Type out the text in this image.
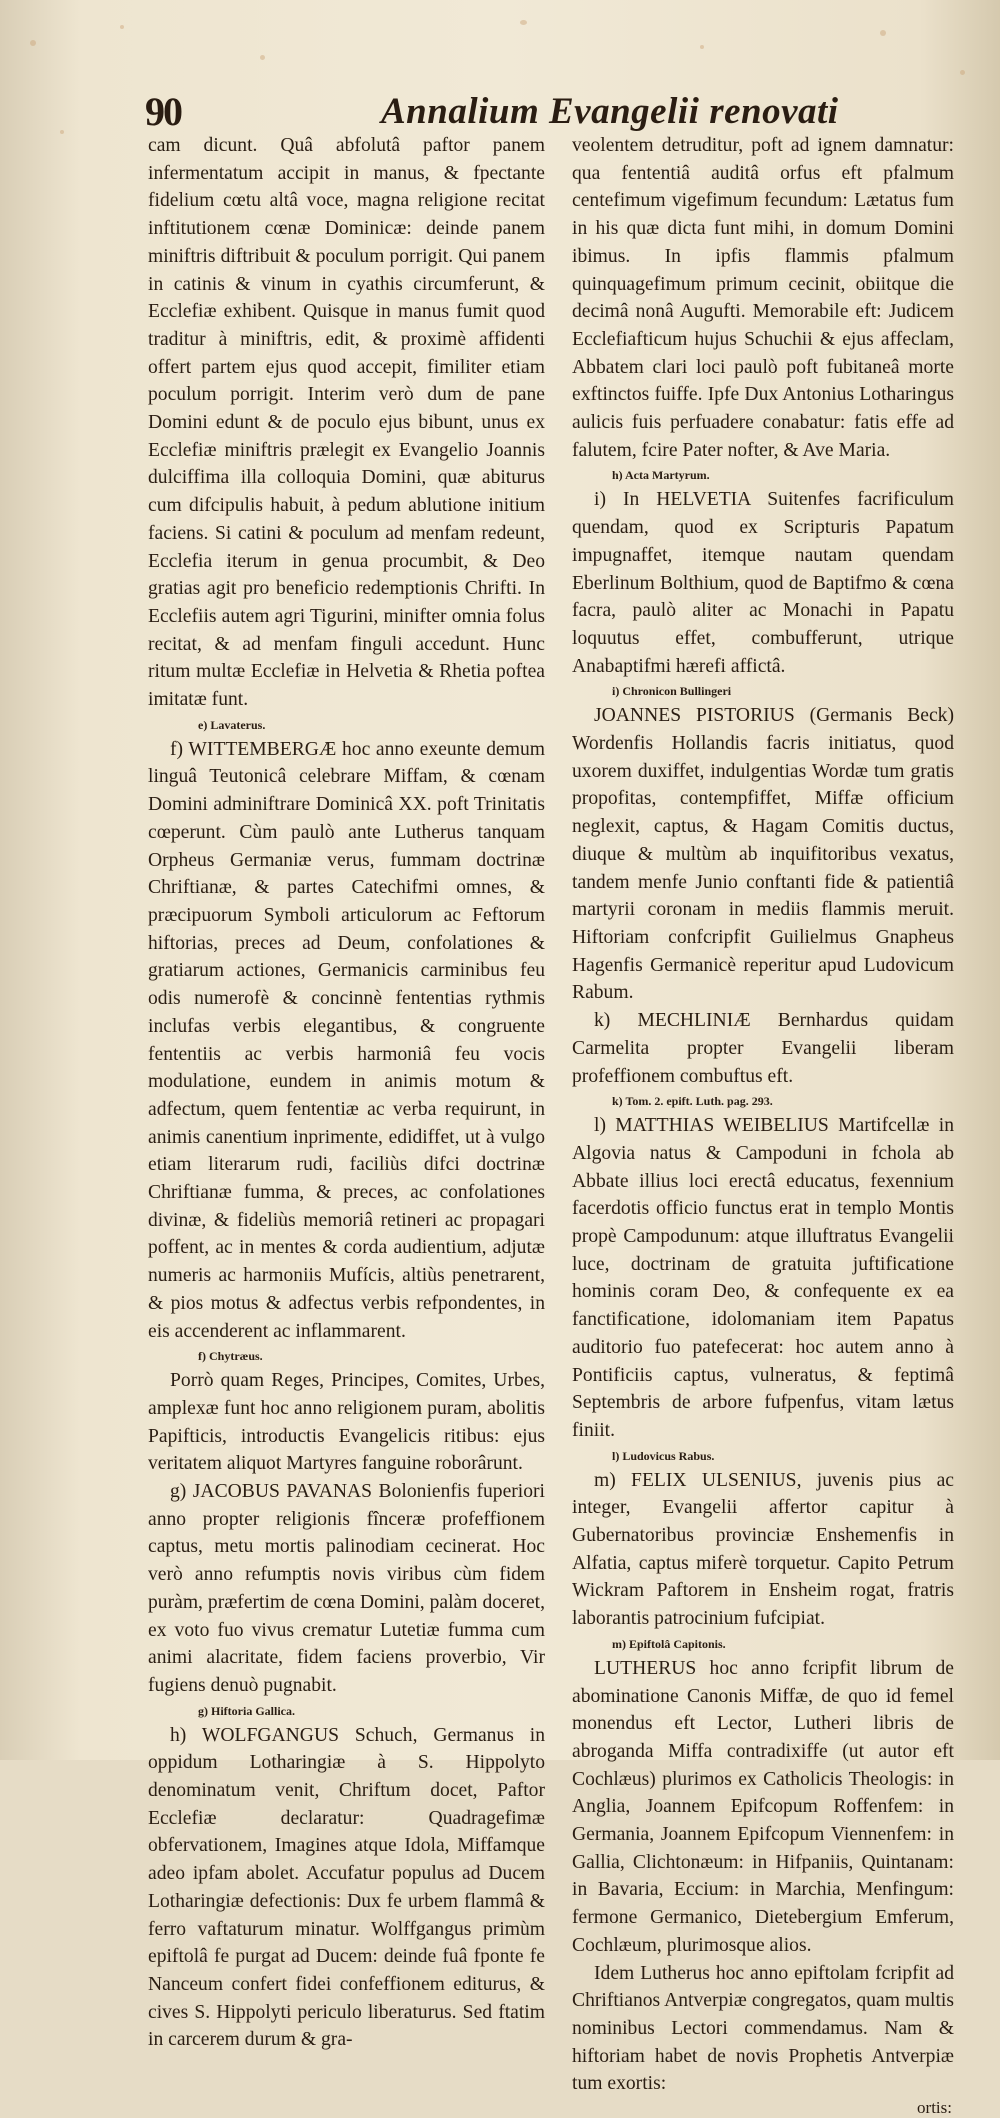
90	Annalium Evangelii renovati

cam dicunt. Quâ abfolutâ paftor panem infermentatum accipit in manus, & fpectante fidelium cœtu altâ voce, magna religione recitat inftitutionem cœnæ Dominicæ: deinde panem miniftris diftribuit & poculum porrigit. Qui panem in catinis & vinum in cyathis circumferunt, & Ecclefiæ exhibent. Quisque in manus fumit quod traditur à miniftris, edit, & proximè affidenti offert partem ejus quod accepit, fimiliter etiam poculum porrigit. Interim verò dum de pane Domini edunt & de poculo ejus bibunt, unus ex Ecclefiæ miniftris prælegit ex Evangelio Joannis dulciffima illa colloquia Domini, quæ abiturus cum difcipulis habuit, à pedum ablutione initium faciens. Si catini & poculum ad menfam redeunt, Ecclefia iterum in genua procumbit, & Deo gratias agit pro beneficio redemptionis Chrifti. In Ecclefiis autem agri Tigurini, minifter omnia folus recitat, & ad menfam finguli accedunt. Hunc ritum multæ Ecclefiæ in Helvetia & Rhetia poftea imitatæ funt.

e) Lavaterus.

f) WITTEMBERGÆ hoc anno exeunte demum linguâ Teutonicâ celebrare Miffam, & cœnam Domini adminiftrare Dominicâ XX. poft Trinitatis cœperunt. Cùm paulò ante Lutherus tanquam Orpheus Germaniæ verus, fummam doctrinæ Chriftianæ, & partes Catechifmi omnes, & præcipuorum Symboli articulorum ac Feftorum hiftorias, preces ad Deum, confolationes & gratiarum actiones, Germanicis carminibus feu odis numerofè & concinnè fententias rythmis inclufas verbis elegantibus, & congruente fententiis ac verbis harmoniâ feu vocis modulatione, eundem in animis motum & adfectum, quem fententiæ ac verba requirunt, in animis canentium inprimente, edidiffet, ut à vulgo etiam literarum rudi, faciliùs difci doctrinæ Chriftianæ fumma, & preces, ac confolationes divinæ, & fideliùs memoriâ retineri ac propagari poffent, ac in mentes & corda audientium, adjutæ numeris ac harmoniis Mufícis, altiùs penetrarent, & pios motus & adfectus verbis refpondentes, in eis accenderent ac inflammarent.

f) Chytræus.

Porrò quam Reges, Principes, Comites, Urbes, amplexæ funt hoc anno religionem puram, abolitis Papifticis, introductis Evangelicis ritibus: ejus veritatem aliquot Martyres fanguine roborârunt.

g) JACOBUS PAVANAS Bolonienfis fuperiori anno propter religionis fînceræ profeffionem captus, metu mortis palinodiam cecinerat. Hoc verò anno refumptis novis viribus cùm fidem puràm, præfertim de cœna Domini, palàm doceret, ex voto fuo vivus crematur Lutetiæ fumma cum animi alacritate, fidem faciens proverbio, Vir fugiens denuò pugnabit.

g) Hiftoria Gallica.

h) WOLFGANGUS Schuch, Germanus in oppidum Lotharingiæ à S. Hippolyto denominatum venit, Chriftum docet, Paftor Ecclefiæ declaratur: Quadragefimæ obfervationem, Imagines atque Idola, Miffamque adeo ipfam abolet. Accufatur populus ad Ducem Lotharingiæ defectionis: Dux fe urbem flammâ & ferro vaftaturum minatur. Wolffgangus primùm epiftolâ fe purgat ad Ducem: deinde fuâ fponte fe Nanceum confert fidei confeffionem editurus, & cives S. Hippolyti periculo liberaturus. Sed ftatim in carcerem durum & gra-

veolentem detruditur, poft ad ignem damnatur: qua fententiâ auditâ orfus eft pfalmum centefimum vigefimum fecundum: Lætatus fum in his quæ dicta funt mihi, in domum Domini ibimus. In ipfis flammis pfalmum quinquagefimum primum cecinit, obiitque die decimâ nonâ Augufti. Memorabile eft: Judicem Ecclefiafticum hujus Schuchii & ejus affeclam, Abbatem clari loci paulò poft fubitaneâ morte exftinctos fuiffe. Ipfe Dux Antonius Lotharingus aulicis fuis perfuadere conabatur: fatis effe ad falutem, fcire Pater nofter, & Ave Maria.

h) Acta Martyrum.

i) In HELVETIA Suitenfes facrificulum quendam, quod ex Scripturis Papatum impugnaffet, itemque nautam quendam Eberlinum Bolthium, quod de Baptifmo & cœna facra, paulò aliter ac Monachi in Papatu loquutus effet, combufferunt, utrique Anabaptifmi hærefi affictâ.

i) Chronicon Bullingeri

JOANNES PISTORIUS (Germanis Beck) Wordenfis Hollandis facris initiatus, quod uxorem duxiffet, indulgentias Wordæ tum gratis propofitas, contempfiffet, Miffæ officium neglexit, captus, & Hagam Comitis ductus, diuque & multùm ab inquifitoribus vexatus, tandem menfe Junio conftanti fide & patientiâ martyrii coronam in mediis flammis meruit. Hiftoriam confcripfit Guilielmus Gnapheus Hagenfis Germanicè reperitur apud Ludovicum Rabum.

k) MECHLINIÆ Bernhardus quidam Carmelita propter Evangelii liberam profeffionem combuftus eft.

k) Tom. 2. epift. Luth. pag. 293.

l) MATTHIAS WEIBELIUS Martifcellæ in Algovia natus & Campoduni in fchola ab Abbate illius loci erectâ educatus, fexennium facerdotis officio functus erat in templo Montis propè Campodunum: atque illuftratus Evangelii luce, doctrinam de gratuita juftificatione hominis coram Deo, & confequente ex ea fanctificatione, idolomaniam item Papatus auditorio fuo patefecerat: hoc autem anno à Pontificiis captus, vulneratus, & feptimâ Septembris de arbore fufpenfus, vitam lætus finiit.

l) Ludovicus Rabus.

m) FELIX ULSENIUS, juvenis pius ac integer, Evangelii affertor capitur à Gubernatoribus provinciæ Enshemenfis in Alfatia, captus miferè torquetur. Capito Petrum Wickram Paftorem in Ensheim rogat, fratris laborantis patrocinium fufcipiat.

m) Epiftolâ Capitonis.

LUTHERUS hoc anno fcripfit librum de abominatione Canonis Miffæ, de quo id femel monendus eft Lector, Lutheri libris de abroganda Miffa contradixiffe (ut autor eft Cochlæus) plurimos ex Catholicis Theologis: in Anglia, Joannem Epifcopum Roffenfem: in Germania, Joannem Epifcopum Viennenfem: in Gallia, Clichtonæum: in Hifpaniis, Quintanam: in Bavaria, Eccium: in Marchia, Menfingum: fermone Germanico, Dietebergium Emferum, Cochlæum, plurimosque alios.

Idem Lutherus hoc anno epiftolam fcripfit ad Chriftianos Antverpiæ congregatos, quam multis nominibus Lectori commendamus. Nam & hiftoriam habet de novis Prophetis Antverpiæ tum exortis:

ortis:
